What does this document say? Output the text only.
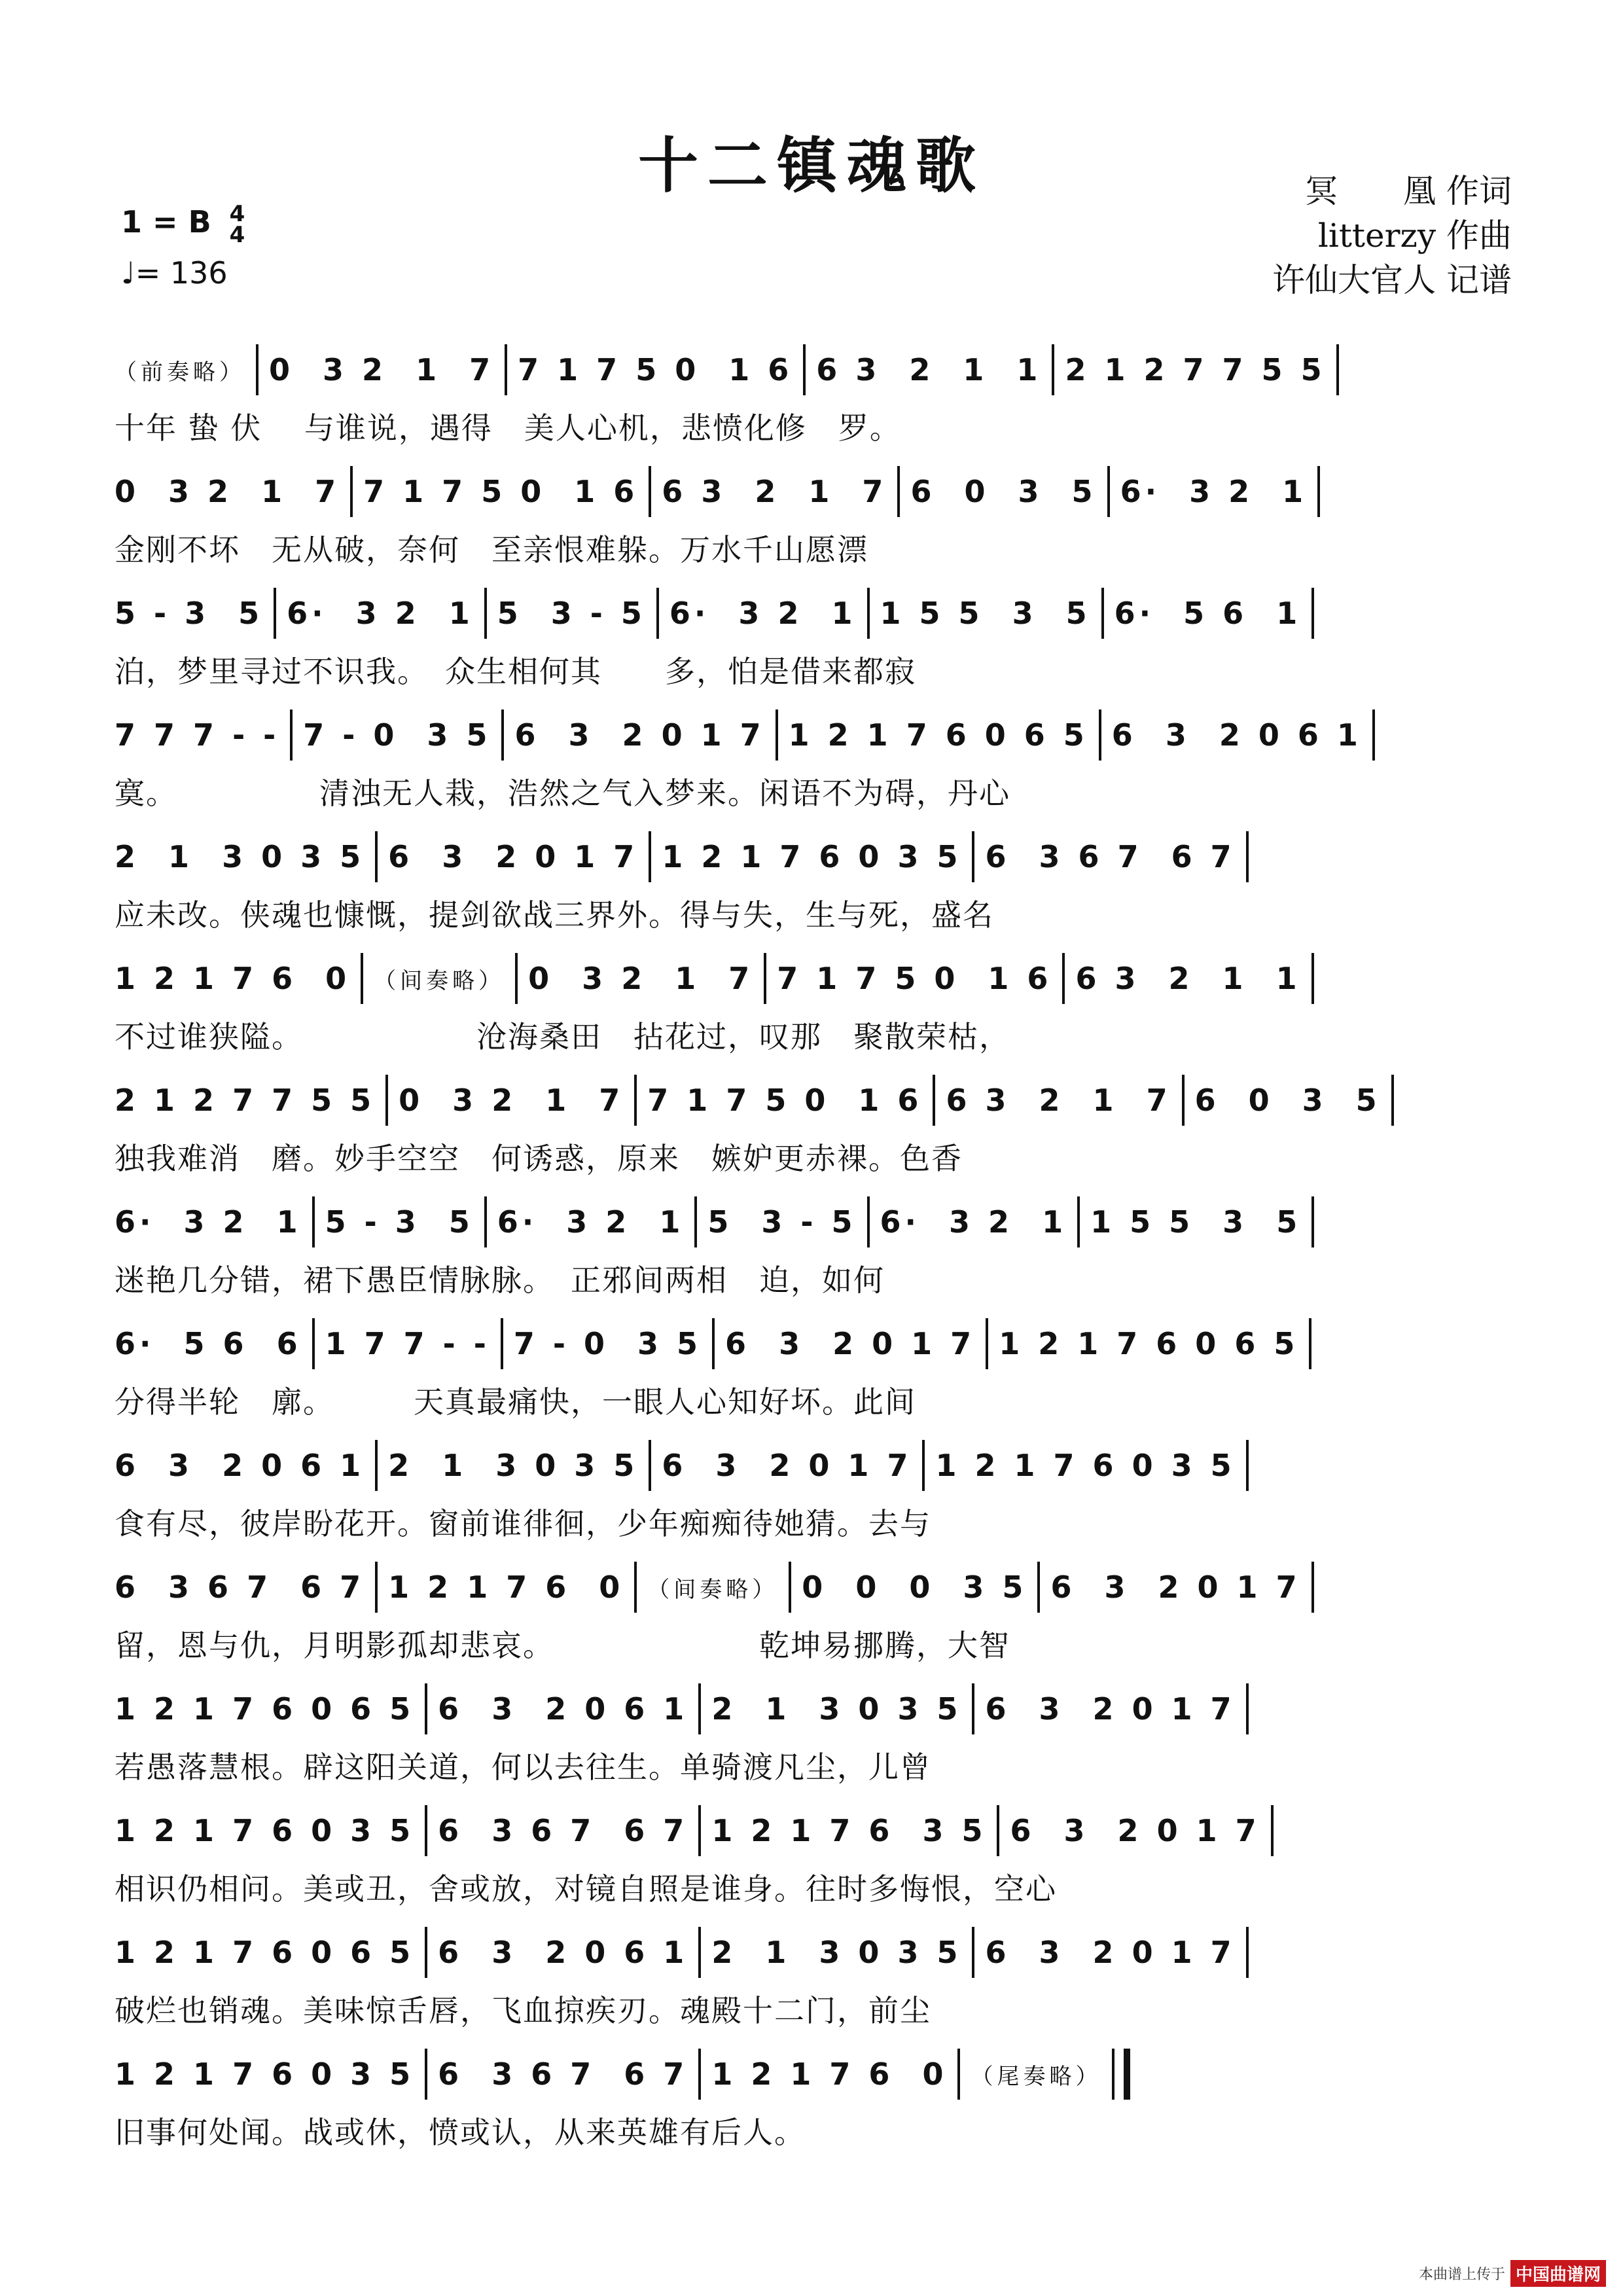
十二镇魂歌
1 = B 4
4
♩= 136
冥　　凰 作词
litterzy 作曲
许仙大官人 记谱
（前奏略） 0  3 2  1  7 7 1 7 5 0  1 6 6 3  2  1  1 2 1 2 7 7 5 5
十年 蛰 伏　 与谁说，遇得　美人心机，悲愤化修　罗。
0  3 2  1  7 7 1 7 5 0  1 6 6 3  2  1  7 6  0  3  5 6·  3 2  1
金刚不坏　无从破，奈何　至亲恨难躲。万水千山愿漂
5 - 3  5 6·  3 2  1 5  3 - 5 6·  3 2  1 1 5 5  3  5 6·  5 6  1
泊，梦里寻过不识我。　众生相何其　　多，怕是借来都寂
7 7 7 - - 7 - 0  3 5 6  3  2 0 1 7 1 2 1 7 6 0 6 5 6  3  2 0 6 1
寞。　　　　　清浊无人栽，浩然之气入梦来。闲语不为碍，丹心
2  1  3 0 3 5 6  3  2 0 1 7 1 2 1 7 6 0 3 5 6  3 6 7  6 7
应未改。侠魂也慷慨，提剑欲战三界外。得与失，生与死，盛名
1 2 1 7 6  0 （间奏略） 0  3 2  1  7 7 1 7 5 0  1 6 6 3  2  1  1
不过谁狭隘。　　　　　　沧海桑田　拈花过，叹那　聚散荣枯，
2 1 2 7 7 5 5 0  3 2  1  7 7 1 7 5 0  1 6 6 3  2  1  7 6  0  3  5
独我难消　磨。妙手空空　何诱惑，原来　嫉妒更赤裸。色香
6·  3 2  1 5 - 3  5 6·  3 2  1 5  3 - 5 6·  3 2  1 1 5 5  3  5
迷艳几分错，裙下愚臣情脉脉。　正邪间两相　迫，如何
6·  5 6  6 1 7 7 - - 7 - 0  3 5 6  3  2 0 1 7 1 2 1 7 6 0 6 5
分得半轮　廓。　　　天真最痛快，一眼人心知好坏。此间
6  3  2 0 6 1 2  1  3 0 3 5 6  3  2 0 1 7 1 2 1 7 6 0 3 5
食有尽，彼岸盼花开。窗前谁徘徊，少年痴痴待她猜。去与
6  3 6 7  6 7 1 2 1 7 6  0 （间奏略） 0  0  0  3 5 6  3  2 0 1 7
留，恩与仇，月明影孤却悲哀。　　　　　　　乾坤易挪腾，大智
1 2 1 7 6 0 6 5 6  3  2 0 6 1 2  1  3 0 3 5 6  3  2 0 1 7
若愚落慧根。辟这阳关道，何以去往生。单骑渡凡尘，儿曾
1 2 1 7 6 0 3 5 6  3 6 7  6 7 1 2 1 7 6  3 5 6  3  2 0 1 7
相识仍相问。美或丑，舍或放，对镜自照是谁身。往时多悔恨，空心
1 2 1 7 6 0 6 5 6  3  2 0 6 1 2  1  3 0 3 5 6  3  2 0 1 7
破烂也销魂。美味惊舌唇，飞血掠疾刃。魂殿十二门，前尘
1 2 1 7 6 0 3 5 6  3 6 7  6 7 1 2 1 7 6  0 （尾奏略）
旧事何处闻。战或休，愤或认，从来英雄有后人。
本曲谱上传于 中国曲谱网
